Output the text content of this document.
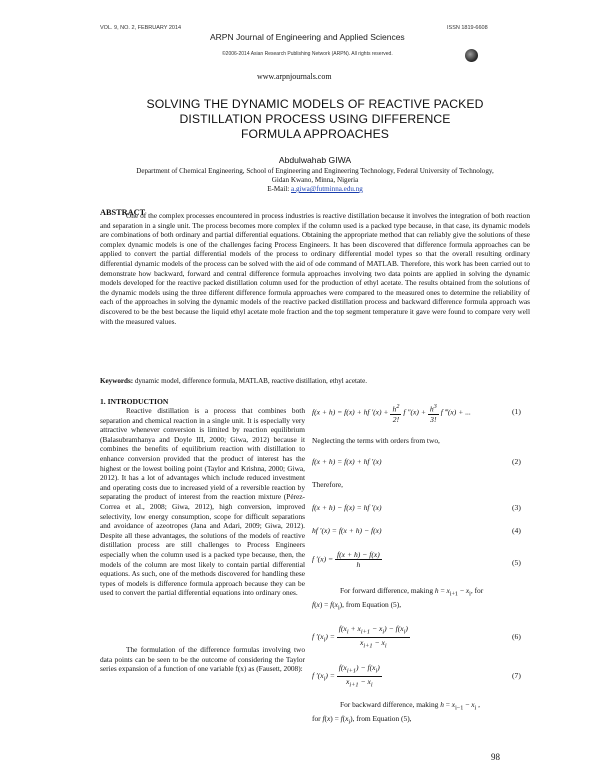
VOL. 9, NO. 2, FEBRUARY 2014	ISSN 1819-6608
ARPN Journal of Engineering and Applied Sciences
©2006-2014 Asian Research Publishing Network (ARPN). All rights reserved.
www.arpnjournals.com
SOLVING THE DYNAMIC MODELS OF REACTIVE PACKED
DISTILLATION PROCESS USING DIFFERENCE
FORMULA APPROACHES
Abdulwahab GIWA
Department of Chemical Engineering, School of Engineering and Engineering Technology, Federal University of Technology,
Gidan Kwano, Minna, Nigeria
E-Mail: a.giwa@futminna.edu.ng
ABSTRACT
One of the complex processes encountered in process industries is reactive distillation because it involves the integration of both reaction and separation in a single unit. The process becomes more complex if the column used is a packed type because, in that case, its dynamic models are combinations of both ordinary and partial differential equations. Obtaining the appropriate method that can reliably give the solutions of these complex dynamic models is one of the challenges facing Process Engineers. It has been discovered that difference formula approaches can be applied to convert the partial differential models of the process to ordinary differential model types so that the overall resulting ordinary differential dynamic models of the process can be solved with the aid of ode command of MATLAB. Therefore, this work has been carried out to demonstrate how backward, forward and central difference formula approaches involving two data points are applied in solving the dynamic models developed for the reactive packed distillation column used for the production of ethyl acetate. The results obtained from the solutions of the dynamic models using the three different difference formula approaches were compared to the measured ones to determine the reliability of each of the approaches in solving the dynamic models of the reactive packed distillation process and backward difference formula approach was discovered to be the best because the liquid ethyl acetate mole fraction and the top segment temperature it gave were found to compare very well with the measured values.
Keywords: dynamic model, difference formula, MATLAB, reactive distillation, ethyl acetate.
1. INTRODUCTION
Reactive distillation is a process that combines both separation and chemical reaction in a single unit. It is especially very attractive whenever conversion is limited by reaction equilibrium (Balasubramhanya and Doyle III, 2000; Giwa, 2012) because it combines the benefits of equilibrium reaction with distillation to enhance conversion provided that the product of interest has the highest or the lowest boiling point (Taylor and Krishna, 2000; Giwa, 2012). It has a lot of advantages which include reduced investment and operating costs due to increased yield of a reversible reaction by separating the product of interest from the reaction mixture (Pérez-Correa et al., 2008; Giwa, 2012), high conversion, improved selectivity, low energy consumption, scope for difficult separations and avoidance of azeotropes (Jana and Adari, 2009; Giwa, 2012). Despite all these advantages, the solutions of the models of reactive distillation process are still challenges to Process Engineers especially when the column used is a packed type because, then, the models of the column are most likely to contain partial differential equations. As such, one of the methods discovered for handling these types of models is difference formula approach because they can be used to convert the partial differential equations into ordinary ones.
The formulation of the difference formulas involving two data points can be seen to be the outcome of considering the Taylor series expansion of a function of one variable f(x) as (Fausett, 2008):
f(x + h) = f(x) + hf $'(x) + \frac{h^2}{2!}$ f $''(x) + \frac{h^3}{3!}$ f ‴(x) + ...	(1)
Neglecting the terms with orders from two,
f(x + h) = f(x) + hf ′(x)	(2)
Therefore,
f(x + h) − f(x) = hf ′(x)	(3)
hf ′(x) = f(x + h) − f(x)	(4)
f $'(x) = \frac{f(x + h) - f(x)}{h}$	(5)
For forward difference, making $h = x_{i+1} - x_i$, for
$f(x) = f(x_i)$, from Equation (5),
f $'(x_i) = \frac{f(x_i + x_{i+1} - x_i) - f(x_i)}{x_{i+1} - x_i}$	(6)
f $'(x_i) = \frac{f(x_{i+1}) - f(x_i)}{x_{i+1} - x_i}$	(7)
For backward difference, making $h = x_{i-1} - x_i$ ,
for $f(x) = f(x_i)$, from Equation (5),
98
